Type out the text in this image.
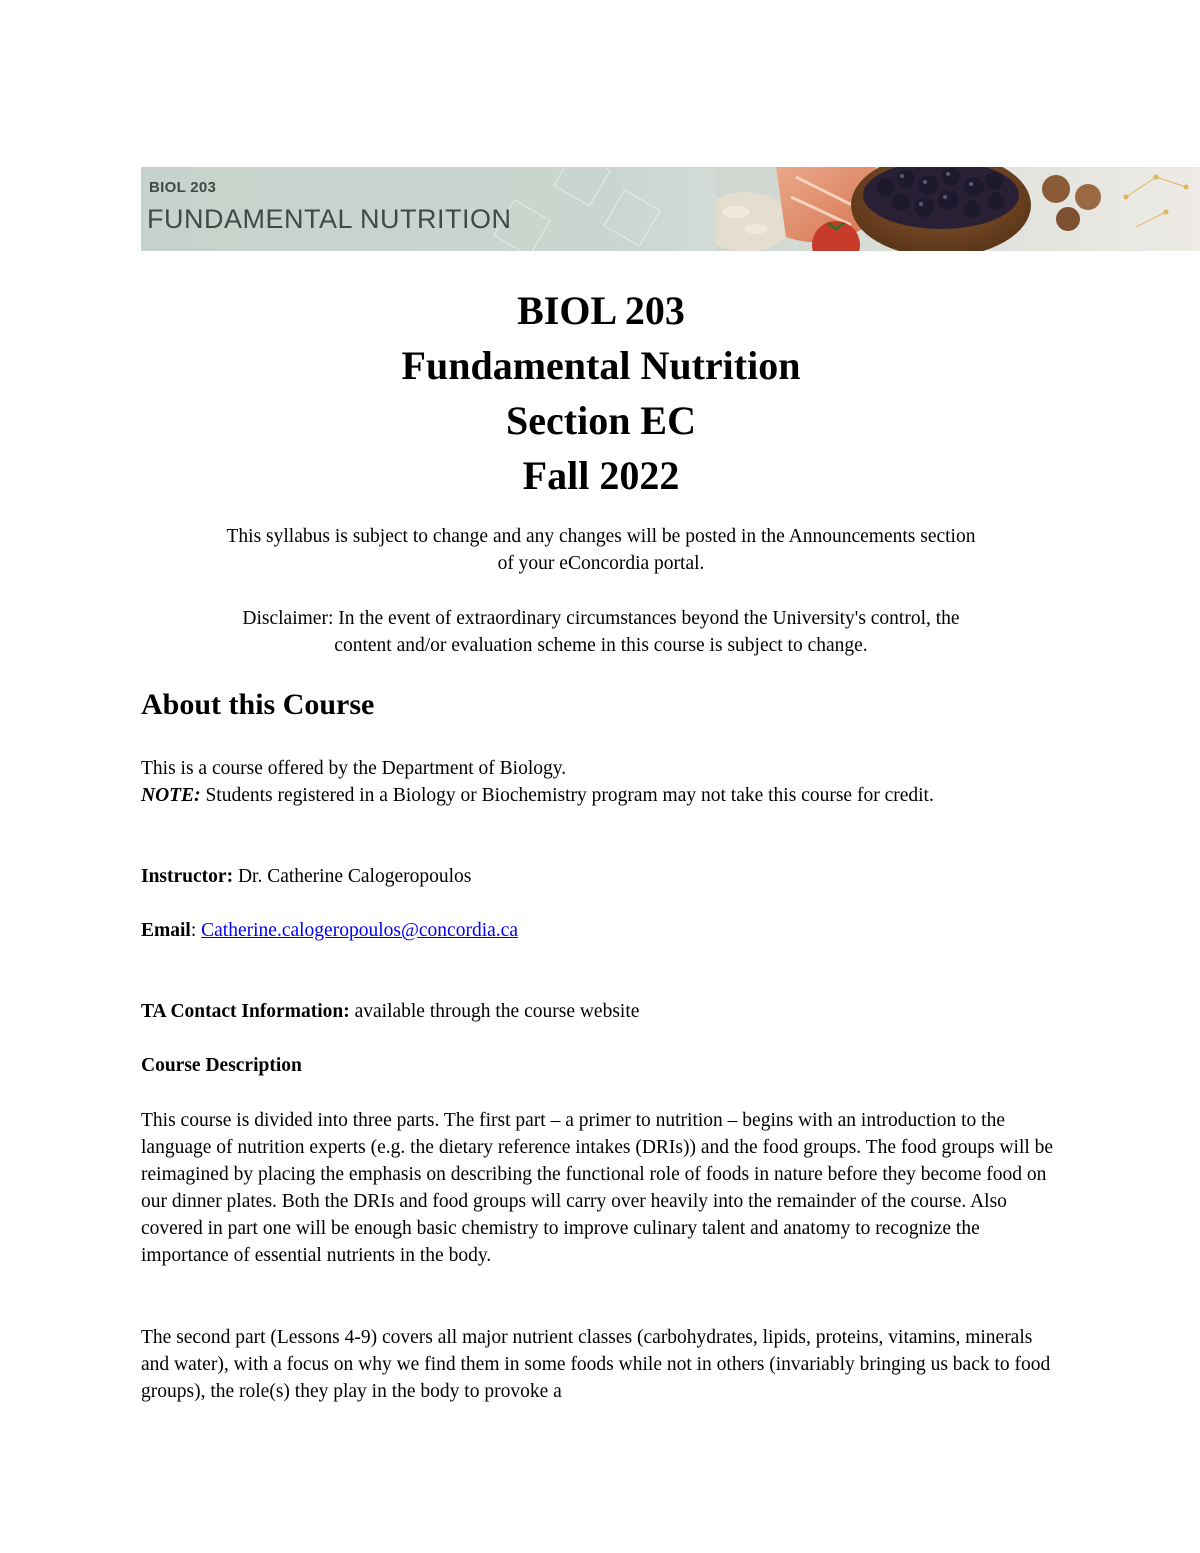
BIOL 203
FUNDAMENTAL NUTRITION
BIOL 203
Fundamental Nutrition
Section EC
Fall 2022
This syllabus is subject to change and any changes will be posted in the Announcements section of your eConcordia portal.
Disclaimer: In the event of extraordinary circumstances beyond the University's control, the content and/or evaluation scheme in this course is subject to change.
About this Course
This is a course offered by the Department of Biology.
NOTE: Students registered in a Biology or Biochemistry program may not take this course for credit.
Instructor: Dr. Catherine Calogeropoulos
Email: Catherine.calogeropoulos@concordia.ca
TA Contact Information: available through the course website
Course Description
This course is divided into three parts. The first part – a primer to nutrition – begins with an introduction to the language of nutrition experts (e.g. the dietary reference intakes (DRIs)) and the food groups. The food groups will be reimagined by placing the emphasis on describing the functional role of foods in nature before they become food on our dinner plates. Both the DRIs and food groups will carry over heavily into the remainder of the course. Also covered in part one will be enough basic chemistry to improve culinary talent and anatomy to recognize the importance of essential nutrients in the body.
The second part (Lessons 4-9) covers all major nutrient classes (carbohydrates, lipids, proteins, vitamins, minerals and water), with a focus on why we find them in some foods while not in others (invariably bringing us back to food groups), the role(s) they play in the body to provoke a
